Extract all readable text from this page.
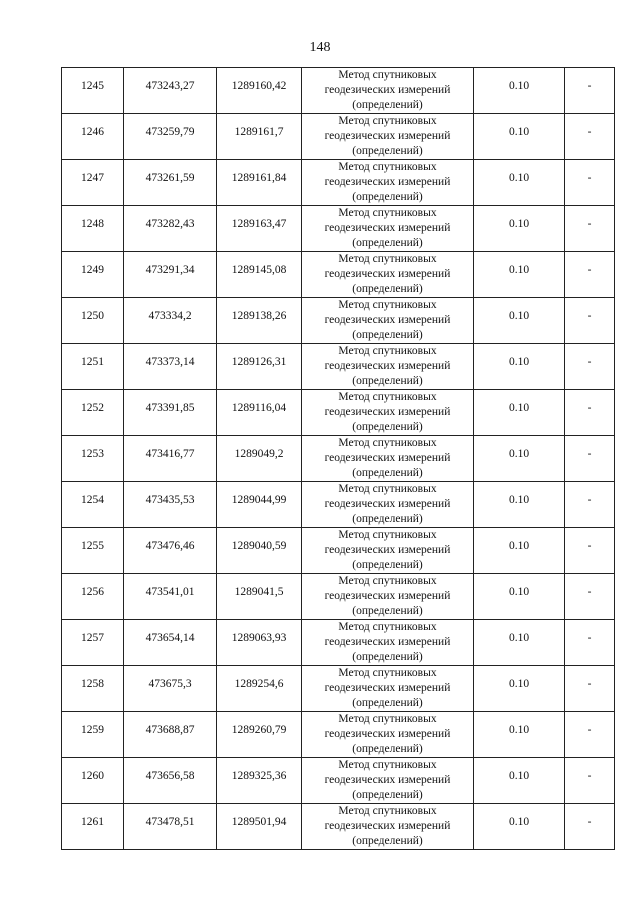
148
1245	473243,27	1289160,42	Метод спутниковых
геодезических измерений
(определений)	0.10	-

1246	473259,79	1289161,7	Метод спутниковых
геодезических измерений
(определений)	0.10	-

1247	473261,59	1289161,84	Метод спутниковых
геодезических измерений
(определений)	0.10	-

1248	473282,43	1289163,47	Метод спутниковых
геодезических измерений
(определений)	0.10	-

1249	473291,34	1289145,08	Метод спутниковых
геодезических измерений
(определений)	0.10	-

1250	473334,2	1289138,26	Метод спутниковых
геодезических измерений
(определений)	0.10	-

1251	473373,14	1289126,31	Метод спутниковых
геодезических измерений
(определений)	0.10	-

1252	473391,85	1289116,04	Метод спутниковых
геодезических измерений
(определений)	0.10	-

1253	473416,77	1289049,2	Метод спутниковых
геодезических измерений
(определений)	0.10	-

1254	473435,53	1289044,99	Метод спутниковых
геодезических измерений
(определений)	0.10	-

1255	473476,46	1289040,59	Метод спутниковых
геодезических измерений
(определений)	0.10	-

1256	473541,01	1289041,5	Метод спутниковых
геодезических измерений
(определений)	0.10	-

1257	473654,14	1289063,93	Метод спутниковых
геодезических измерений
(определений)	0.10	-

1258	473675,3	1289254,6	Метод спутниковых
геодезических измерений
(определений)	0.10	-

1259	473688,87	1289260,79	Метод спутниковых
геодезических измерений
(определений)	0.10	-

1260	473656,58	1289325,36	Метод спутниковых
геодезических измерений
(определений)	0.10	-

1261	473478,51	1289501,94	Метод спутниковых
геодезических измерений
(определений)	0.10	-
